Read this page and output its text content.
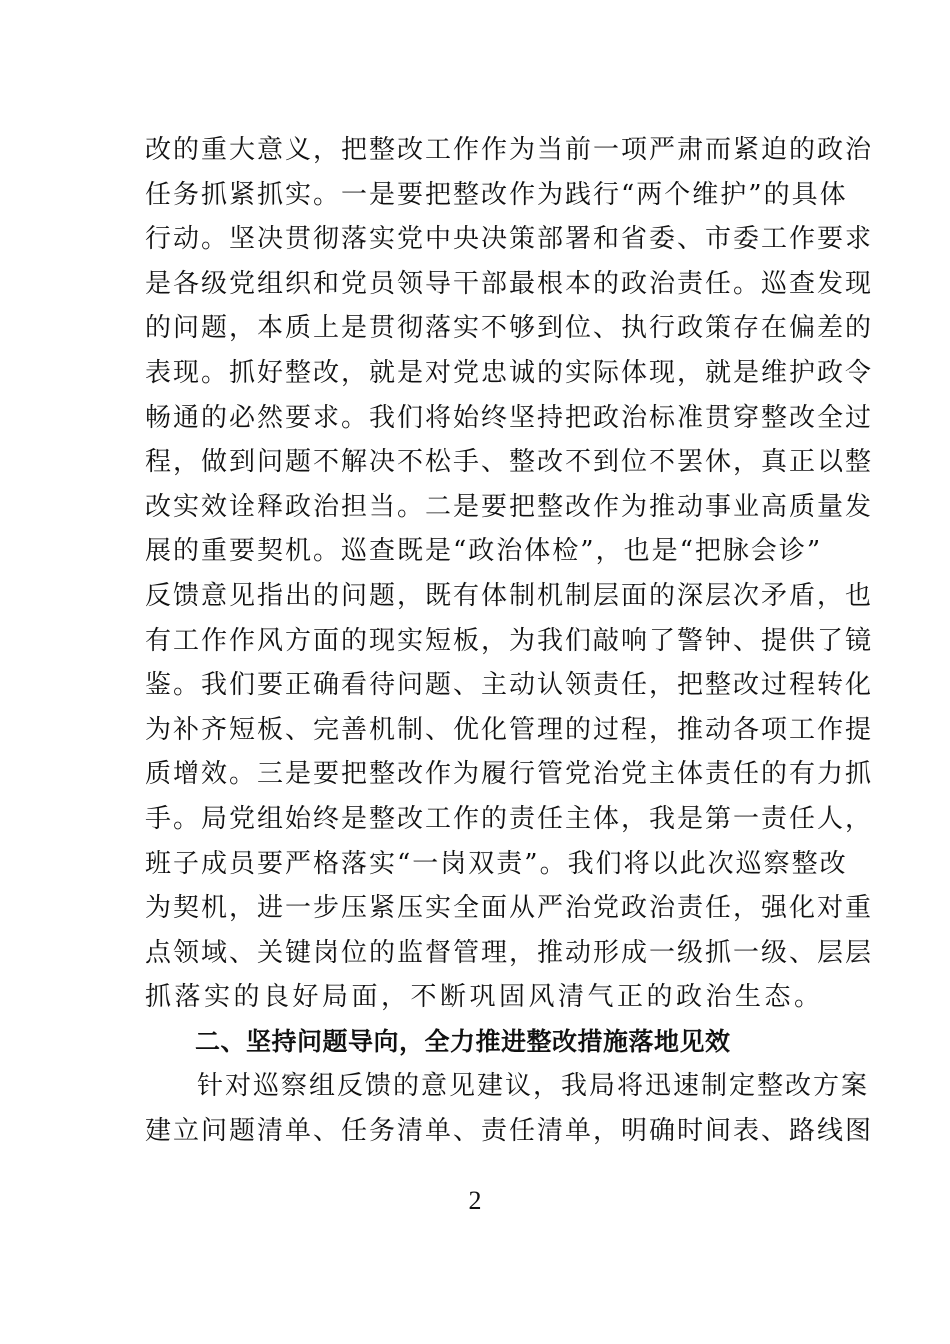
改的重大意义，把整改工作作为当前一项严肃而紧迫的政治
任务抓紧抓实。一是要把整改作为践行“两个维护”的具体
行动。坚决贯彻落实党中央决策部署和省委、市委工作要求
是各级党组织和党员领导干部最根本的政治责任。巡查发现
的问题，本质上是贯彻落实不够到位、执行政策存在偏差的
表现。抓好整改，就是对党忠诚的实际体现，就是维护政令
畅通的必然要求。我们将始终坚持把政治标准贯穿整改全过
程，做到问题不解决不松手、整改不到位不罢休，真正以整
改实效诠释政治担当。二是要把整改作为推动事业高质量发
展的重要契机。巡查既是“政治体检”，也是“把脉会诊”
反馈意见指出的问题，既有体制机制层面的深层次矛盾，也
有工作作风方面的现实短板，为我们敲响了警钟、提供了镜
鉴。我们要正确看待问题、主动认领责任，把整改过程转化
为补齐短板、完善机制、优化管理的过程，推动各项工作提
质增效。三是要把整改作为履行管党治党主体责任的有力抓
手。局党组始终是整改工作的责任主体，我是第一责任人，
班子成员要严格落实“一岗双责”。我们将以此次巡察整改
为契机，进一步压紧压实全面从严治党政治责任，强化对重
点领域、关键岗位的监督管理，推动形成一级抓一级、层层
抓落实的良好局面，不断巩固风清气正的政治生态。
二、坚持问题导向，全力推进整改措施落地见效
针对巡察组反馈的意见建议，我局将迅速制定整改方案
建立问题清单、任务清单、责任清单，明确时间表、路线图
2
